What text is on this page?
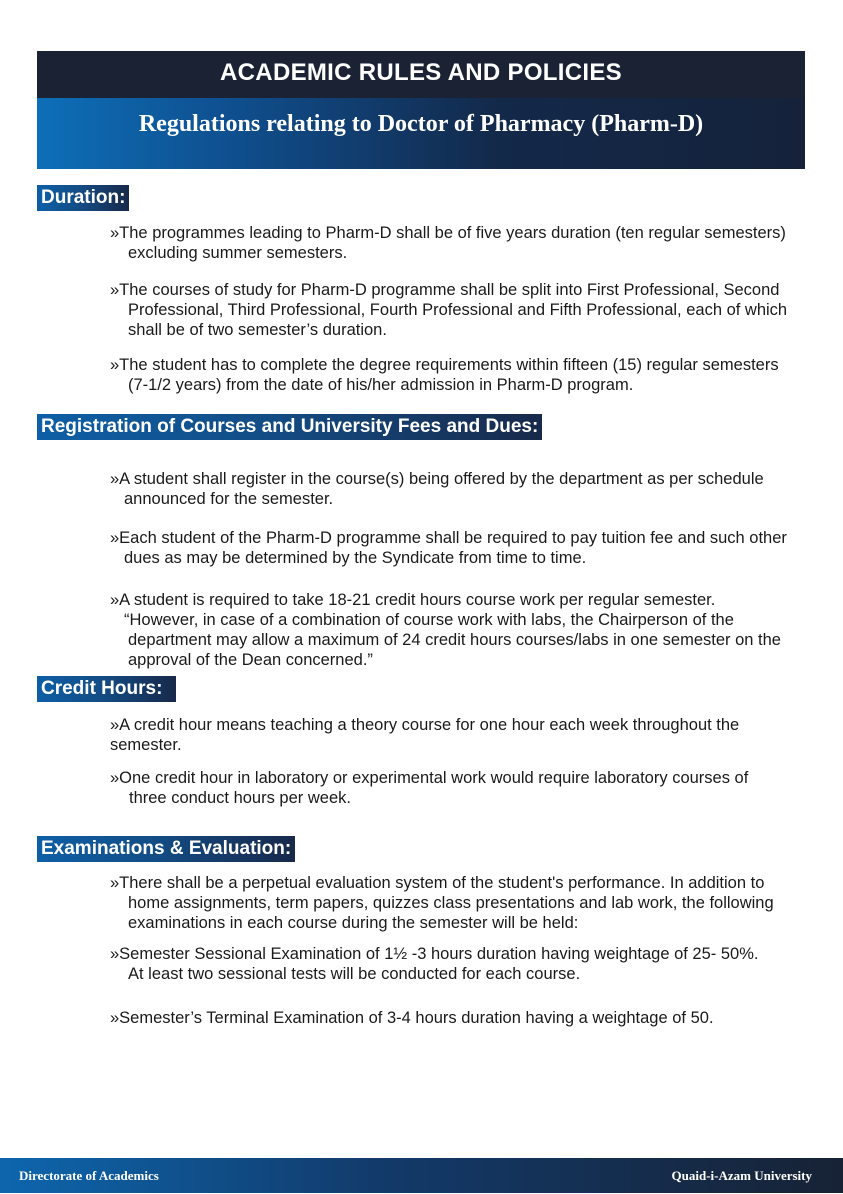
ACADEMIC RULES AND POLICIES
Regulations relating to Doctor of Pharmacy (Pharm-D)
Duration:
»The programmes leading to Pharm-D shall be of five years duration (ten regular semesters)
excluding summer semesters.
»The courses of study for Pharm-D programme shall be split into First Professional, Second
Professional, Third Professional, Fourth Professional and Fifth Professional, each of which
shall be of two semester’s duration.
»The student has to complete the degree requirements within fifteen (15) regular semesters
(7-1/2 years) from the date of his/her admission in Pharm-D program.
Registration of Courses and University Fees and Dues:
»A student shall register in the course(s) being offered by the department as per schedule
announced for the semester.
»Each student of the Pharm-D programme shall be required to pay tuition fee and such other
dues as may be determined by the Syndicate from time to time.
»A student is required to take 18-21 credit hours course work per regular semester.
“However, in case of a combination of course work with labs, the Chairperson of the
department may allow a maximum of 24 credit hours courses/labs in one semester on the
approval of the Dean concerned.”
Credit Hours:
»A credit hour means teaching a theory course for one hour each week throughout the
semester.
»One credit hour in laboratory or experimental work would require laboratory courses of
three conduct hours per week.
Examinations & Evaluation:
»There shall be a perpetual evaluation system of the student's performance. In addition to
home assignments, term papers, quizzes class presentations and lab work, the following
examinations in each course during the semester will be held:
»Semester Sessional Examination of 1½ -3 hours duration having weightage of 25- 50%.
At least two sessional tests will be conducted for each course.
»Semester’s Terminal Examination of 3-4 hours duration having a weightage of 50.
Directorate of Academics	Quaid-i-Azam University
